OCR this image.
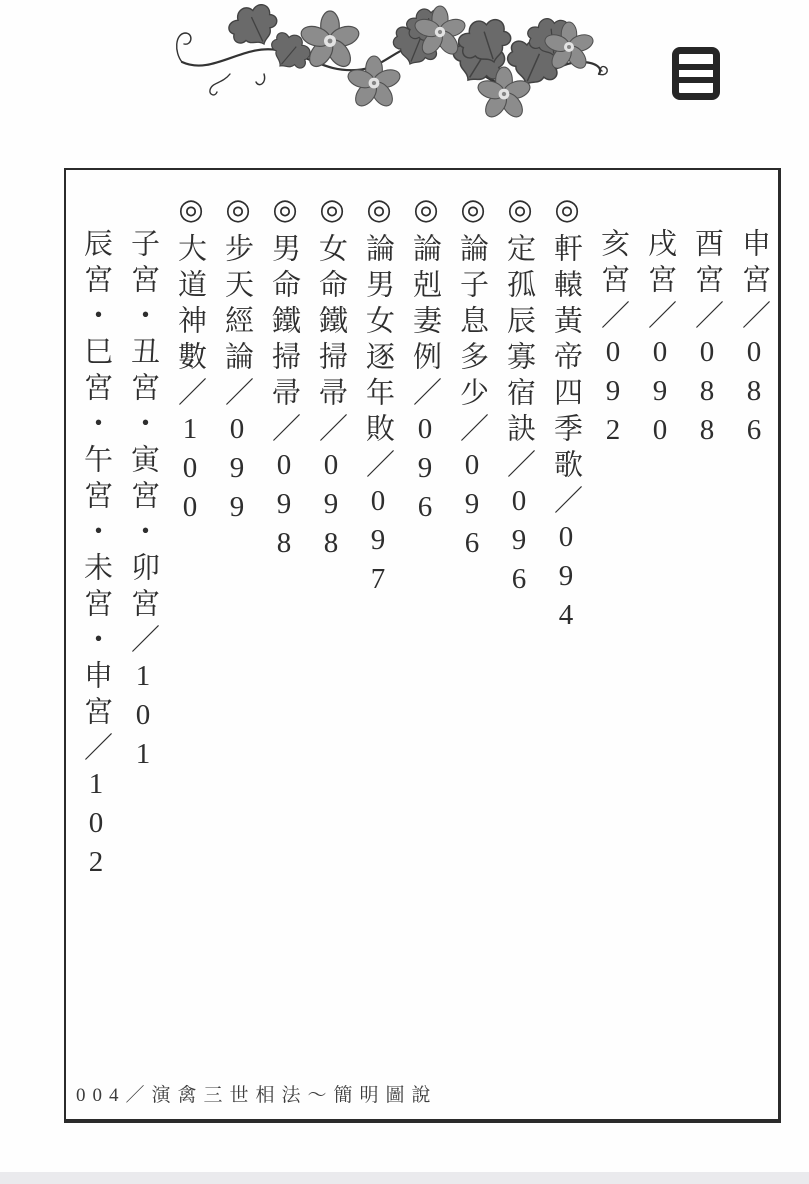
申宮／086
酉宮／088
戌宮／090
亥宮／092
◎軒轅黃帝四季歌／094
◎定孤辰寡宿訣／096
◎論子息多少／096
◎論剋妻例／096
◎論男女逐年敗／097
◎女命鐵掃帚／098
◎男命鐵掃帚／098
◎步天經論／099
◎大道神數／100
子宮・丑宮・寅宮・卯宮／101
辰宮・巳宮・午宮・未宮・申宮／102
004／演禽三世相法～簡明圖說
